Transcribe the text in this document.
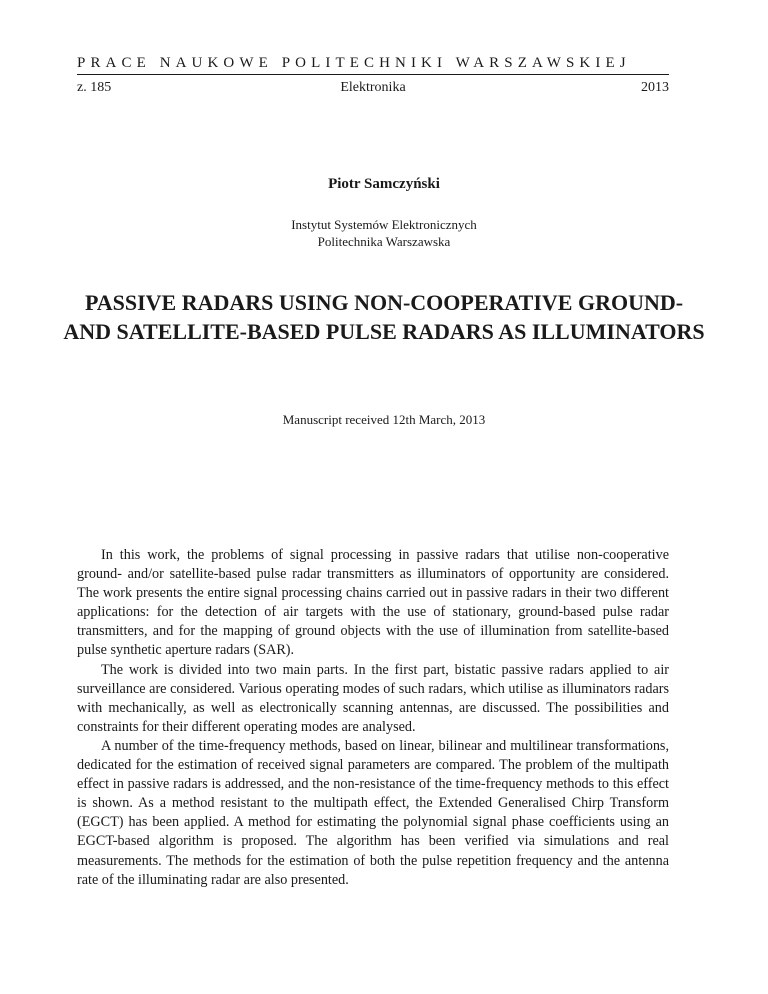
PRACE NAUKOWE POLITECHNIKI WARSZAWSKIEJ
Elektronika
z. 185	2013
Piotr Samczyński
Instytut Systemów Elektronicznych
Politechnika Warszawska
PASSIVE RADARS USING NON-COOPERATIVE GROUND- AND SATELLITE-BASED PULSE RADARS AS ILLUMINATORS
Manuscript received 12th March, 2013

In this work, the problems of signal processing in passive radars that utilise non-cooperative ground- and/or satellite-based pulse radar transmitters as illuminators of opportunity are considered. The work presents the entire signal processing chains carried out in passive radars in their two different applications: for the detection of air targets with the use of stationary, ground-based pulse radar transmitters, and for the mapping of ground objects with the use of illumination from satellite-based pulse synthetic aperture radars (SAR).

The work is divided into two main parts. In the first part, bistatic passive radars applied to air surveillance are considered. Various operating modes of such radars, which utilise as illuminators radars with mechanically, as well as electronically scanning antennas, are discussed. The possibilities and constraints for their different operating modes are analysed.

A number of the time-frequency methods, based on linear, bilinear and multilinear transformations, dedicated for the estimation of received signal parameters are compared. The problem of the multipath effect in passive radars is addressed, and the non-resistance of the time-frequency methods to this effect is shown. As a method resistant to the multipath effect, the Extended Generalised Chirp Transform (EGCT) has been applied. A method for estimating the polynomial signal phase coefficients using an EGCT-based algorithm is proposed. The algorithm has been verified via simulations and real measurements. The methods for the estimation of both the pulse repetition frequency and the antenna rate of the illuminating radar are also presented.
